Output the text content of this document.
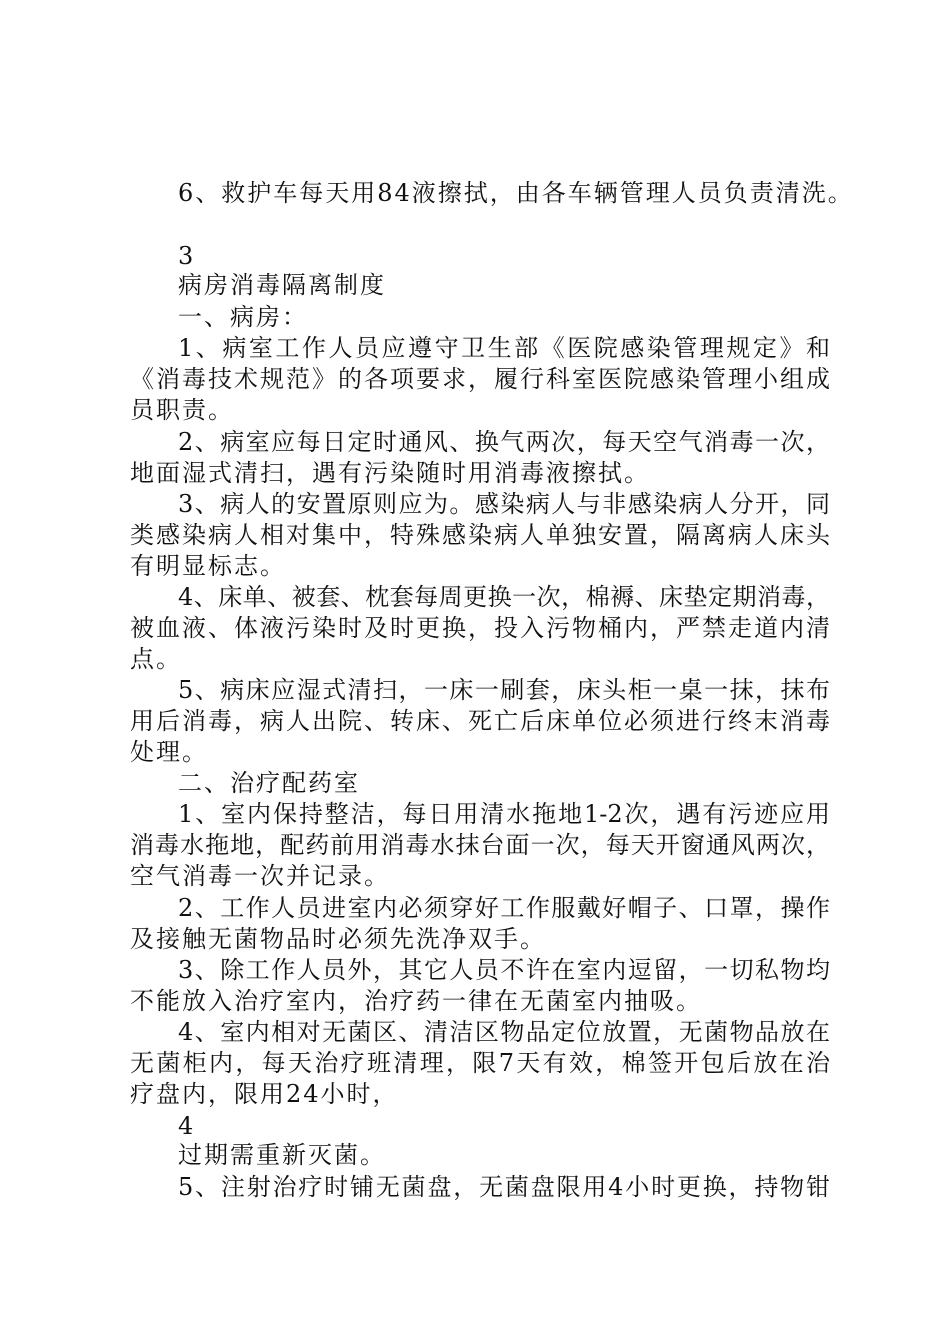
6、救护车每天用84液擦拭，由各车辆管理人员负责清洗。
3
病房消毒隔离制度
一、病房：
1、病室工作人员应遵守卫生部《医院感染管理规定》和
《消毒技术规范》的各项要求，履行科室医院感染管理小组成
员职责。
2、病室应每日定时通风、换气两次，每天空气消毒一次，
地面湿式清扫，遇有污染随时用消毒液擦拭。
3、病人的安置原则应为。感染病人与非感染病人分开，同
类感染病人相对集中，特殊感染病人单独安置，隔离病人床头
有明显标志。
4、床单、被套、枕套每周更换一次，棉褥、床垫定期消毒，
被血液、体液污染时及时更换，投入污物桶内，严禁走道内清
点。
5、病床应湿式清扫，一床一刷套，床头柜一桌一抹，抹布
用后消毒，病人出院、转床、死亡后床单位必须进行终末消毒
处理。
二、治疗配药室
1、室内保持整洁，每日用清水拖地1-2次，遇有污迹应用
消毒水拖地，配药前用消毒水抹台面一次，每天开窗通风两次，
空气消毒一次并记录。
2、工作人员进室内必须穿好工作服戴好帽子、口罩，操作
及接触无菌物品时必须先洗净双手。
3、除工作人员外，其它人员不许在室内逗留，一切私物均
不能放入治疗室内，治疗药一律在无菌室内抽吸。
4、室内相对无菌区、清洁区物品定位放置，无菌物品放在
无菌柜内，每天治疗班清理，限7天有效，棉签开包后放在治
疗盘内，限用24小时，
4
过期需重新灭菌。
5、注射治疗时铺无菌盘，无菌盘限用4小时更换，持物钳
